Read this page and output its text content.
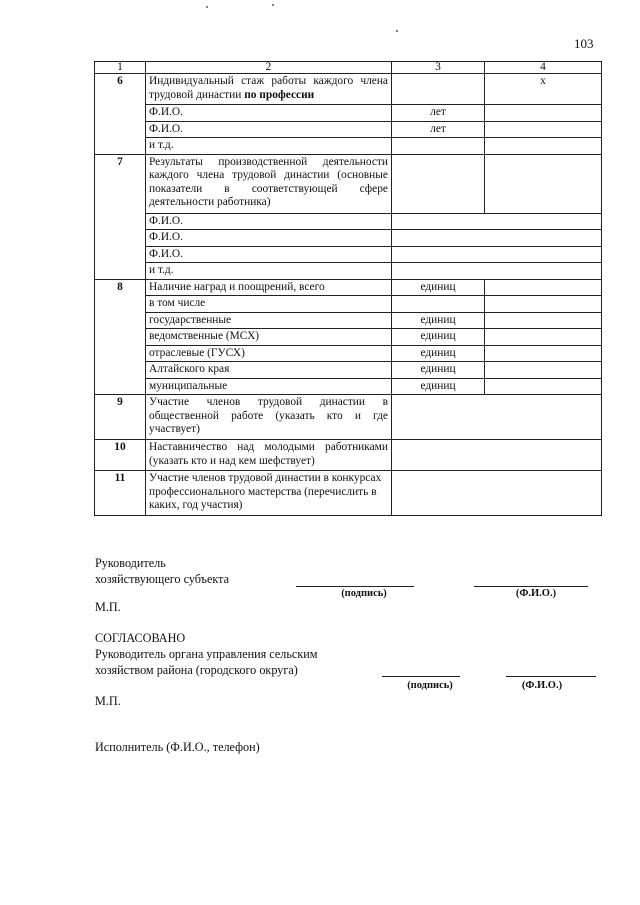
103
1	2	3	4
6	Индивидуальный стаж работы каждого члена трудовой династии по профессии		х
	Ф.И.О.	лет	
	Ф.И.О.	лет	
	и т.д.		
7	Результаты производственной деятельности каждого члена трудовой династии (основные показатели в соответствующей сфере деятельности работника)		
	Ф.И.О.		
	Ф.И.О.		
	Ф.И.О.		
	и т.д.		
8	Наличие наград и поощрений, всего	единиц	
	в том числе		
	государственные	единиц	
	ведомственные (МСХ)	единиц	
	отраслевые (ГУСХ)	единиц	
	Алтайского края	единиц	
	муниципальные	единиц	
9	Участие членов трудовой династии в общественной работе (указать кто и где участвует)		
10	Наставничество над молодыми работниками (указать кто и над кем шефствует)		
11	Участие членов трудовой династии в конкурсах профессионального мастерства (перечислить в каких, год участия)		
Руководитель
хозяйствующего субъекта
(подпись)	(Ф.И.О.)
М.П.
СОГЛАСОВАНО
Руководитель органа управления сельским
хозяйством района (городского округа)
(подпись)	(Ф.И.О.)
М.П.
Исполнитель (Ф.И.О., телефон)
